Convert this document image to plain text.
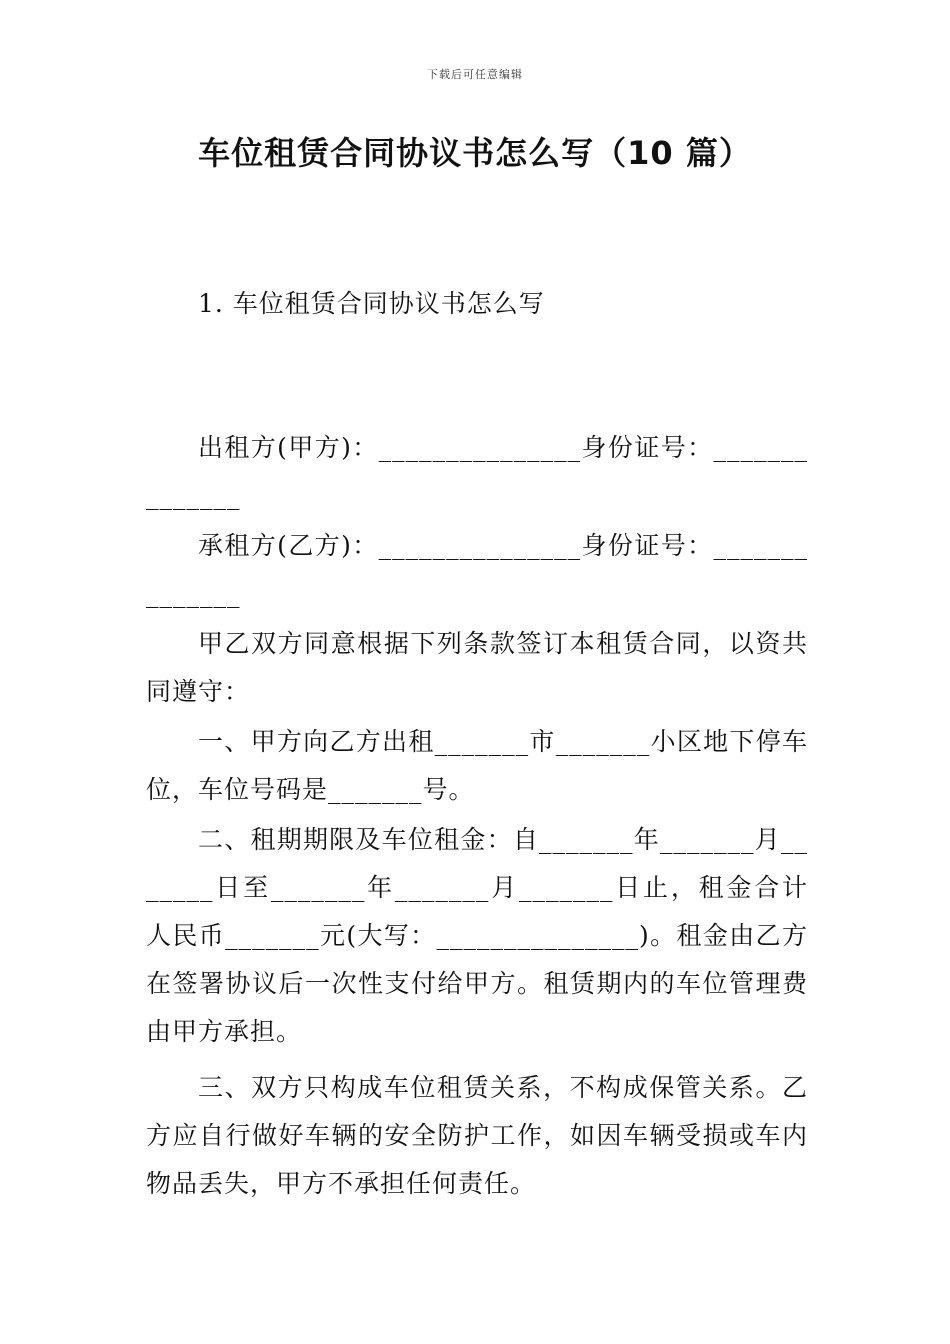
下载后可任意编辑
车位租赁合同协议书怎么写（10 篇）
1. 车位租赁合同协议书怎么写

出租方(甲方)：_______________身份证号：______________

承租方(乙方)：_______________身份证号：______________

甲乙双方同意根据下列条款签订本租赁合同，以资共同遵守：

一、甲方向乙方出租_______市_______小区地下停车位，车位号码是_______号。

二、租期期限及车位租金：自_______年_______月_______日至_______年_______月_______日止，租金合计人民币_______元(大写：_______________)。租金由乙方在签署协议后一次性支付给甲方。租赁期内的车位管理费由甲方承担。

三、双方只构成车位租赁关系，不构成保管关系。乙方应自行做好车辆的安全防护工作，如因车辆受损或车内物品丢失，甲方不承担任何责任。
